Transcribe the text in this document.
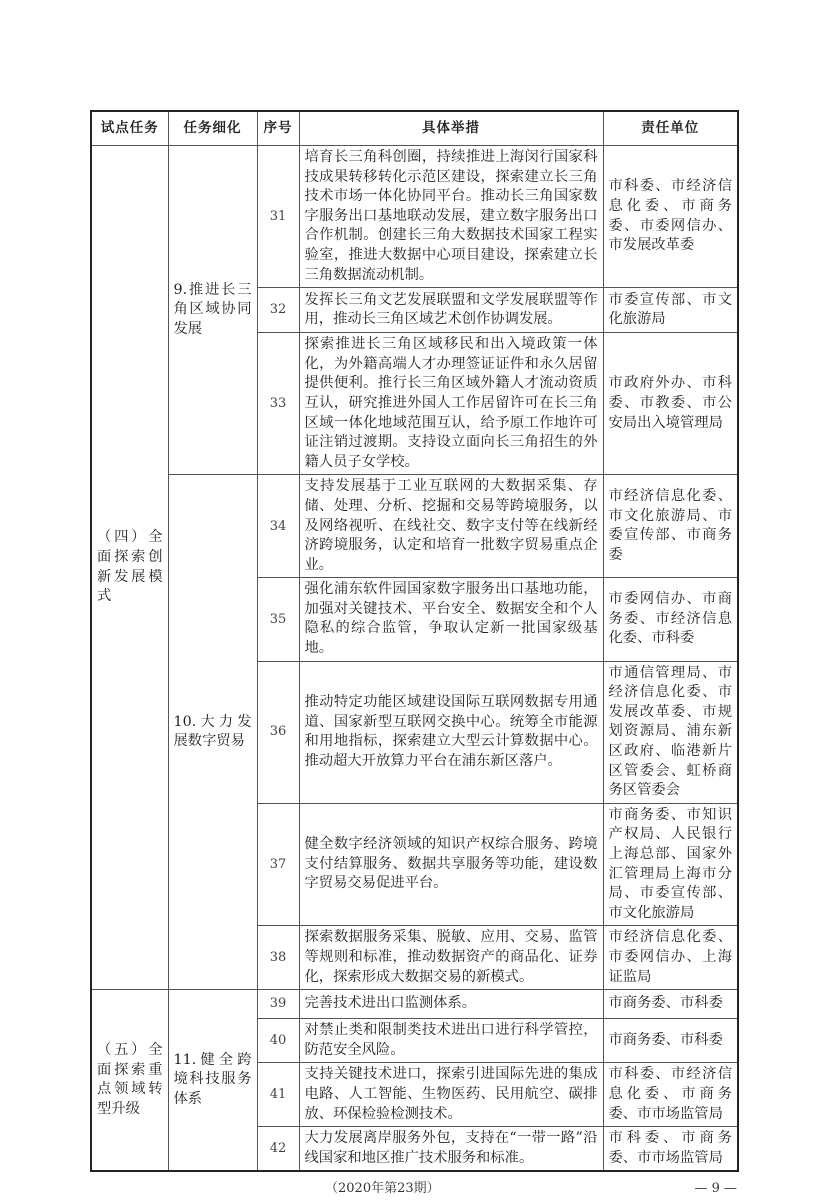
试点任务	任务细化	序号	具体举措	责任单位
（四）全面探索创新发展模式	9.推进长三角区域协同发展	31	培育长三角科创圈，持续推进上海闵行国家科技成果转移转化示范区建设，探索建立长三角技术市场一体化协同平台。推动长三角国家数字服务出口基地联动发展，建立数字服务出口合作机制。创建长三角大数据技术国家工程实验室，推进大数据中心项目建设，探索建立长三角数据流动机制。	市科委、市经济信息化委、市商务委、市委网信办、市发展改革委
		32	发挥长三角文艺发展联盟和文学发展联盟等作用，推动长三角区域艺术创作协调发展。	市委宣传部、市文化旅游局
		33	探索推进长三角区域移民和出入境政策一体化，为外籍高端人才办理签证证件和永久居留提供便利。推行长三角区域外籍人才流动资质互认，研究推进外国人工作居留许可在长三角区域一体化地域范围互认，给予原工作地许可证注销过渡期。支持设立面向长三角招生的外籍人员子女学校。	市政府外办、市科委、市教委、市公安局出入境管理局
	10.大力发展数字贸易	34	支持发展基于工业互联网的大数据采集、存储、处理、分析、挖掘和交易等跨境服务，以及网络视听、在线社交、数字支付等在线新经济跨境服务，认定和培育一批数字贸易重点企业。	市经济信息化委、市文化旅游局、市委宣传部、市商务委
		35	强化浦东软件园国家数字服务出口基地功能，加强对关键技术、平台安全、数据安全和个人隐私的综合监管，争取认定新一批国家级基地。	市委网信办、市商务委、市经济信息化委、市科委
		36	推动特定功能区域建设国际互联网数据专用通道、国家新型互联网交换中心。统筹全市能源和用地指标，探索建立大型云计算数据中心。推动超大开放算力平台在浦东新区落户。	市通信管理局、市经济信息化委、市发展改革委、市规划资源局、浦东新区政府、临港新片区管委会、虹桥商务区管委会
		37	健全数字经济领域的知识产权综合服务、跨境支付结算服务、数据共享服务等功能，建设数字贸易交易促进平台。	市商务委、市知识产权局、人民银行上海总部、国家外汇管理局上海市分局、市委宣传部、市文化旅游局
		38	探索数据服务采集、脱敏、应用、交易、监管等规则和标准，推动数据资产的商品化、证券化，探索形成大数据交易的新模式。	市经济信息化委、市委网信办、上海证监局
（五）全面探索重点领域转型升级	11.健全跨境科技服务体系	39	完善技术进出口监测体系。	市商务委、市科委
		40	对禁止类和限制类技术进出口进行科学管控，防范安全风险。	市商务委、市科委
		41	支持关键技术进口，探索引进国际先进的集成电路、人工智能、生物医药、民用航空、碳排放、环保检验检测技术。	市科委、市经济信息化委、市商务委、市市场监管局
		42	大力发展离岸服务外包，支持在“一带一路”沿线国家和地区推广技术服务和标准。	市科委、市商务委、市市场监管局
（2020年第23期）	— 9 —
